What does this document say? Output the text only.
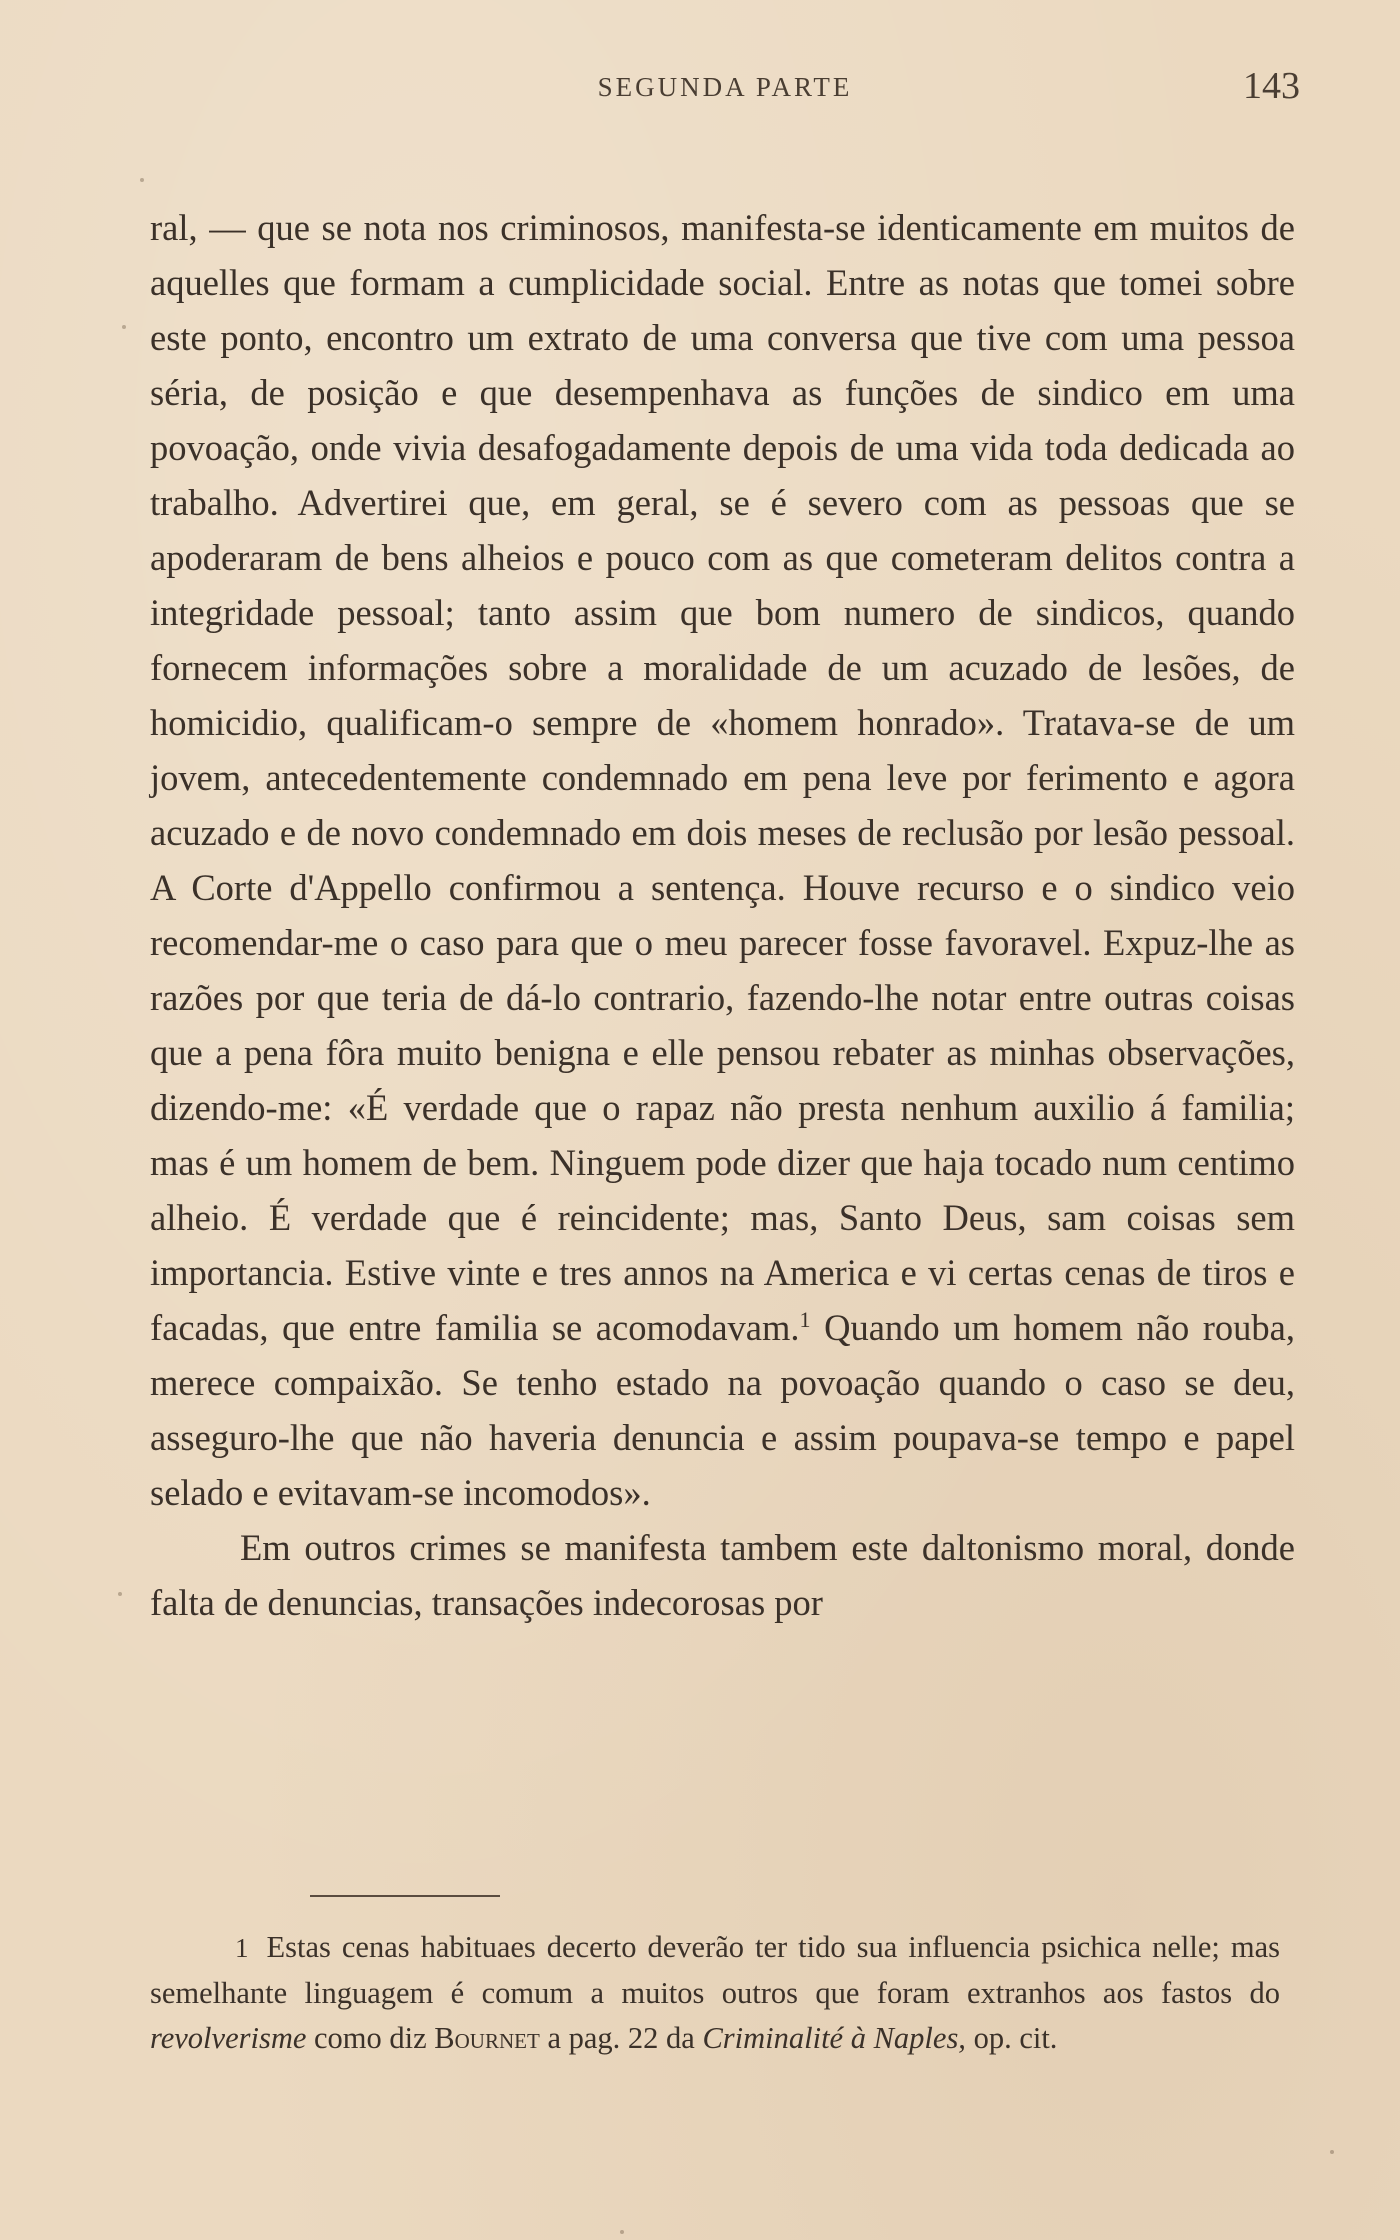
SEGUNDA PARTE	143

ral, — que se nota nos criminosos, manifesta-se identicamente em muitos de aquelles que formam a cumplicidade social. Entre as notas que tomei sobre este ponto, encontro um extrato de uma conversa que tive com uma pessoa séria, de posição e que desempenhava as funções de sindico em uma povoação, onde vivia desafogadamente depois de uma vida toda dedicada ao trabalho. Advertirei que, em geral, se é severo com as pessoas que se apoderaram de bens alheios e pouco com as que cometeram delitos contra a integridade pessoal; tanto assim que bom numero de sindicos, quando fornecem informações sobre a moralidade de um acuzado de lesões, de homicidio, qualificam-o sempre de «homem honrado». Tratava-se de um jovem, antecedentemente condemnado em pena leve por ferimento e agora acuzado e de novo condemnado em dois meses de reclusão por lesão pessoal. A Corte d'Appello confirmou a sentença. Houve recurso e o sindico veio recomendar-me o caso para que o meu parecer fosse favoravel. Expuz-lhe as razões por que teria de dá-lo contrario, fazendo-lhe notar entre outras coisas que a pena fôra muito benigna e elle pensou rebater as minhas observações, dizendo-me: «É verdade que o rapaz não presta nenhum auxilio á familia; mas é um homem de bem. Ninguem pode dizer que haja tocado num centimo alheio. É verdade que é reincidente; mas, Santo Deus, sam coisas sem importancia. Estive vinte e tres annos na America e vi certas cenas de tiros e facadas, que entre familia se acomodavam.$^1$ Quando um homem não rouba, merece compaixão. Se tenho estado na povoação quando o caso se deu, asseguro-lhe que não haveria denuncia e assim poupava-se tempo e papel selado e evitavam-se incomodos».

Em outros crimes se manifesta tambem este daltonismo moral, donde falta de denuncias, transações indecorosas por

1 Estas cenas habituaes decerto deverão ter tido sua influencia psichica nelle; mas semelhante linguagem é comum a muitos outros que foram extranhos aos fastos do revolverisme como diz Bournet a pag. 22 da Criminalité à Naples, op. cit.
